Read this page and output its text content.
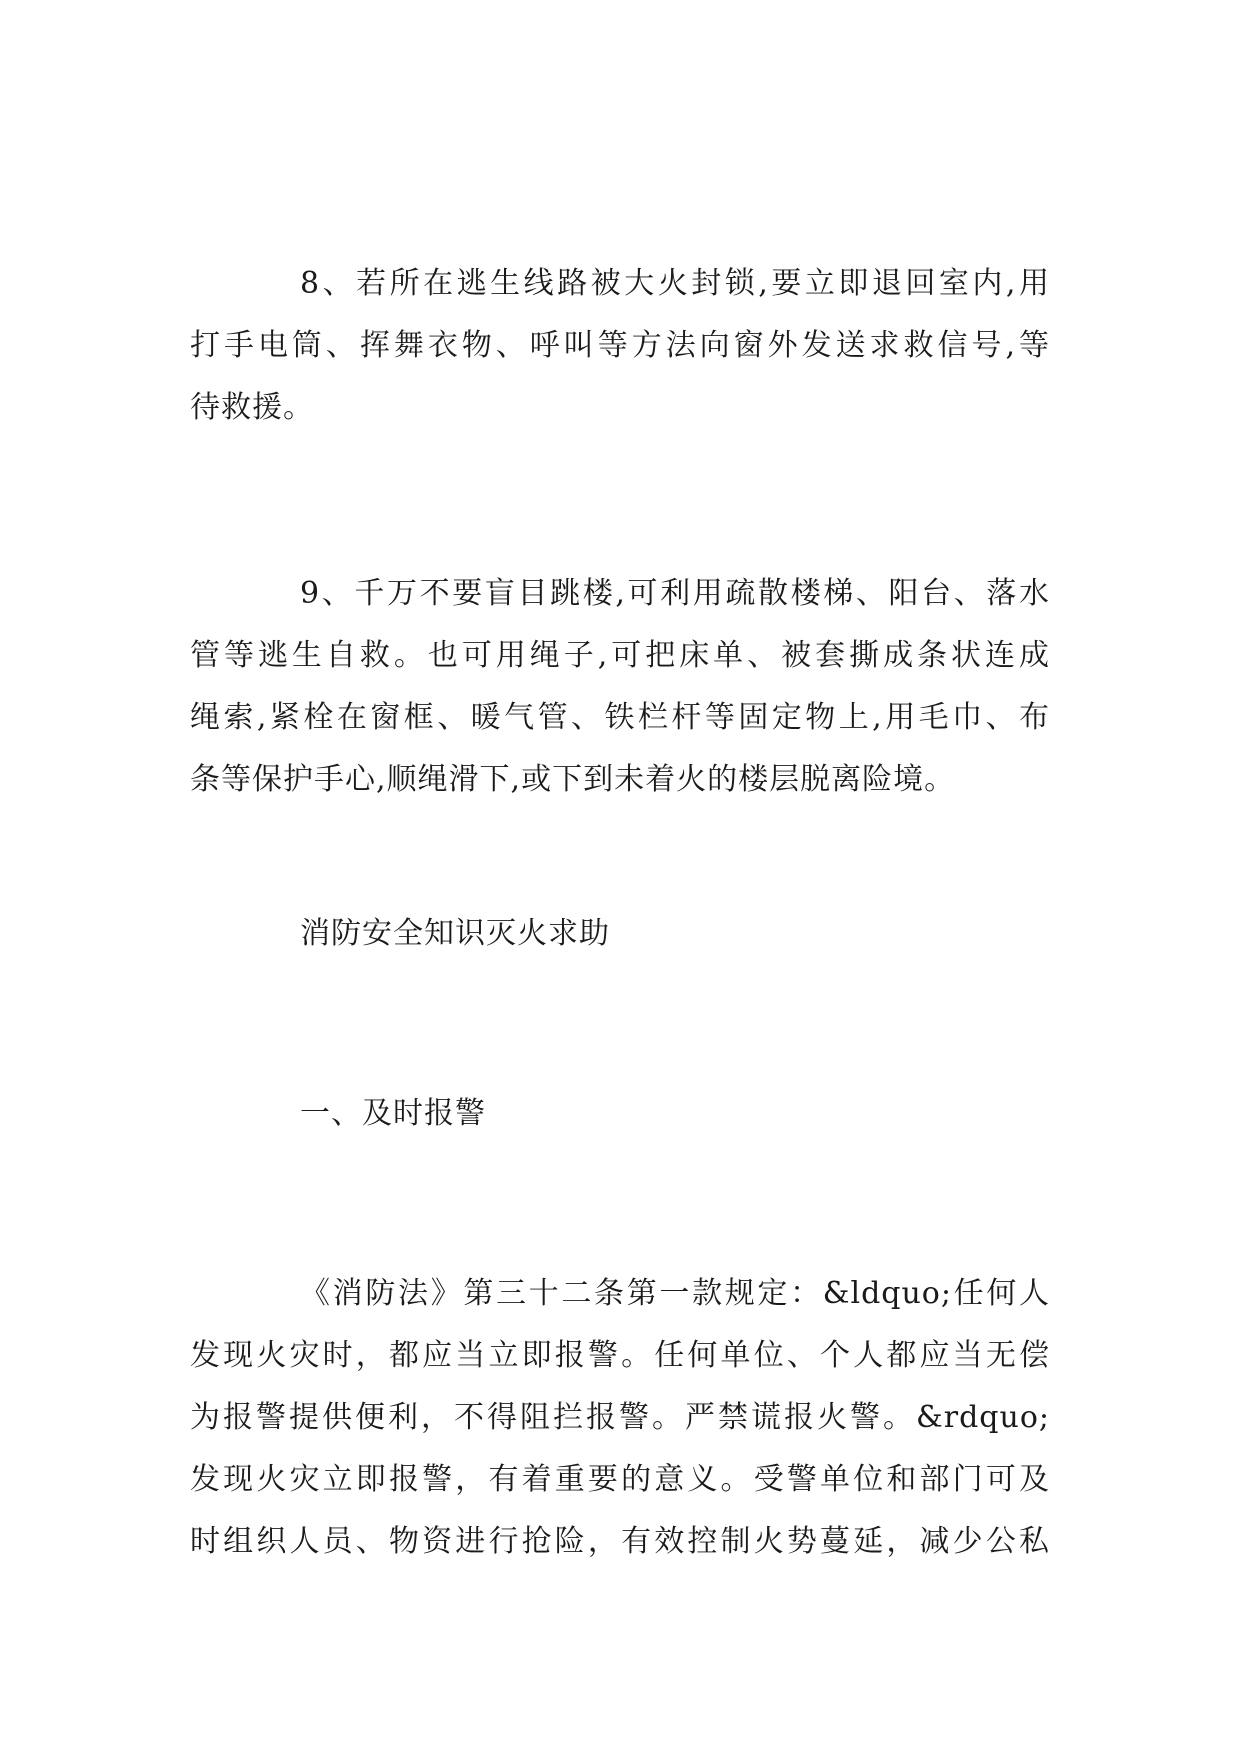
8、若所在逃生线路被大火封锁,要立即退回室内,用
打手电筒、挥舞衣物、呼叫等方法向窗外发送求救信号,等
待救援。
9、千万不要盲目跳楼,可利用疏散楼梯、阳台、落水
管等逃生自救。也可用绳子,可把床单、被套撕成条状连成
绳索,紧栓在窗框、暖气管、铁栏杆等固定物上,用毛巾、布
条等保护手心,顺绳滑下,或下到未着火的楼层脱离险境。
消防安全知识灭火求助
一、及时报警
《消防法》第三十二条第一款规定：&ldquo;任何人
发现火灾时，都应当立即报警。任何单位、个人都应当无偿
为报警提供便利，不得阻拦报警。严禁谎报火警。&rdquo;
发现火灾立即报警，有着重要的意义。受警单位和部门可及
时组织人员、物资进行抢险，有效控制火势蔓延，减少公私
